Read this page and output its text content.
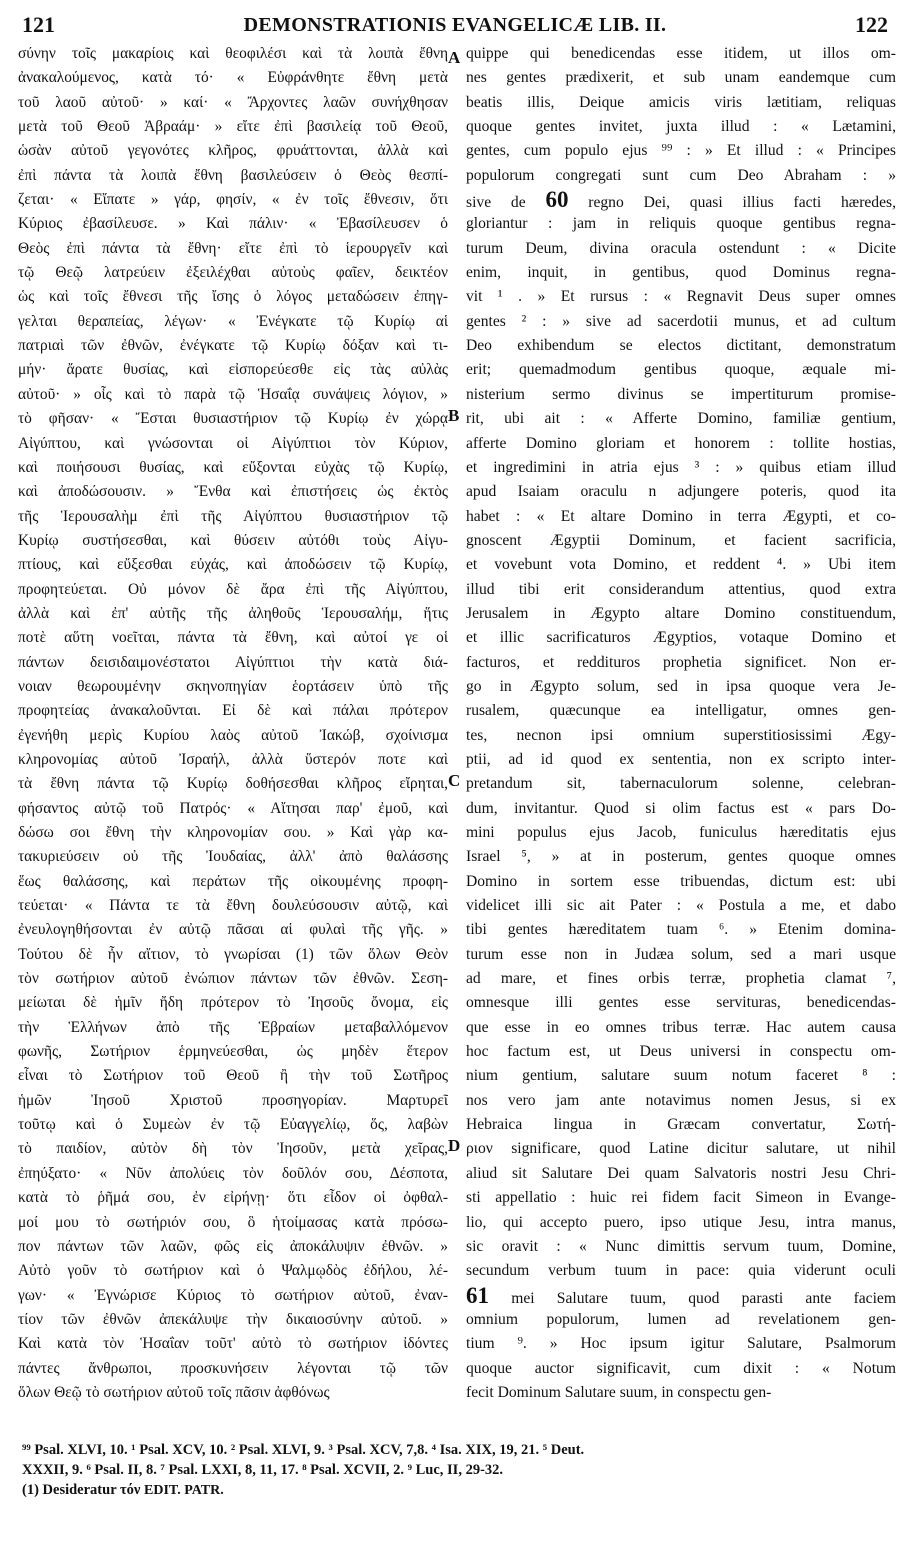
121	DEMONSTRATIONIS EVANGELICÆ LIB. II.	122
σύνην τοῖς μακαρίοις καὶ θεοφιλέσι καὶ τὰ λοιπὰ ἔθνη
ἀνακαλούμενος, κατὰ τό· « Εὐφράνθητε ἔθνη μετὰ
τοῦ λαοῦ αὐτοῦ· » καί· « Ἄρχοντες λαῶν συνήχθησαν
μετὰ τοῦ Θεοῦ Ἀβραάμ· » εἴτε ἐπὶ βασιλείᾳ τοῦ Θεοῦ,
ὡσὰν αὐτοῦ γεγονότες κλῆρος, φρυάττονται, ἀλλὰ καὶ
ἐπὶ πάντα τὰ λοιπὰ ἔθνη βασιλεύσειν ὁ Θεὸς θεσπί-
ζεται· « Εἴπατε » γάρ, φησίν, « ἐν τοῖς ἔθνεσιν, ὅτι
Κύριος ἐβασίλευσε. » Καὶ πάλιν· « Ἐβασίλευσεν ὁ
Θεὸς ἐπὶ πάντα τὰ ἔθνη· εἴτε ἐπὶ τὸ ἱερουργεῖν καὶ
τῷ Θεῷ λατρεύειν ἐξειλέχθαι αὐτοὺς φαῖεν, δεικτέον
ὡς καὶ τοῖς ἔθνεσι τῆς ἴσης ὁ λόγος μεταδώσειν ἐπηγ-
γελται θεραπείας, λέγων· « Ἐνέγκατε τῷ Κυρίῳ αἱ
πατριαὶ τῶν ἐθνῶν, ἐνέγκατε τῷ Κυρίῳ δόξαν καὶ τι-
μήν· ἄρατε θυσίας, καὶ εἰσπορεύεσθε εἰς τὰς αὐλὰς
αὐτοῦ· » οἷς καὶ τὸ παρὰ τῷ Ἡσαΐᾳ συνάψεις λόγιον, »
τὸ φῆσαν· « Ἔσται θυσιαστήριον τῷ Κυρίῳ ἐν χώρᾳ
Αἰγύπτου, καὶ γνώσονται οἱ Αἰγύπτιοι τὸν Κύριον,
καὶ ποιήσουσι θυσίας, καὶ εὔξονται εὐχὰς τῷ Κυρίῳ,
καὶ ἀποδώσουσιν. » Ἔνθα καὶ ἐπιστήσεις ὡς ἐκτὸς
τῆς Ἱερουσαλὴμ ἐπὶ τῆς Αἰγύπτου θυσιαστήριον τῷ
Κυρίῳ συστήσεσθαι, καὶ θύσειν αὐτόθι τοὺς Αἰγυ-
πτίους, καὶ εὔξεσθαι εὐχάς, καὶ ἀποδώσειν τῷ Κυρίῳ,
προφητεύεται. Οὐ μόνον δὲ ἄρα ἐπὶ τῆς Αἰγύπτου,
ἀλλὰ καὶ ἐπ' αὐτῆς τῆς ἀληθοῦς Ἱερουσαλήμ, ἥτις
ποτὲ αὕτη νοεῖται, πάντα τὰ ἔθνη, καὶ αὐτοί γε οἱ
πάντων δεισιδαιμονέστατοι Αἰγύπτιοι τὴν κατὰ διά-
νοιαν θεωρουμένην σκηνοπηγίαν ἑορτάσειν ὑπὸ τῆς
προφητείας ἀνακαλοῦνται. Εἰ δὲ καὶ πάλαι πρότερον
ἐγενήθη μερὶς Κυρίου λαὸς αὐτοῦ Ἰακώβ, σχοίνισμα
κληρονομίας αὐτοῦ Ἰσραήλ, ἀλλὰ ὕστερόν ποτε καὶ
τὰ ἔθνη πάντα τῷ Κυρίῳ δοθήσεσθαι κλῆρος εἴρηται,
φήσαντος αὐτῷ τοῦ Πατρός· « Αἴτησαι παρ' ἐμοῦ, καὶ
δώσω σοι ἔθνη τὴν κληρονομίαν σου. » Καὶ γὰρ κα-
τακυριεύσειν οὐ τῆς Ἰουδαίας, ἀλλ' ἀπὸ θαλάσσης
ἕως θαλάσσης, καὶ περάτων τῆς οἰκουμένης προφη-
τεύεται· « Πάντα τε τὰ ἔθνη δουλεύσουσιν αὐτῷ, καὶ
ἐνευλογηθήσονται ἐν αὐτῷ πᾶσαι αἱ φυλαὶ τῆς γῆς. »
Τούτου δὲ ἦν αἴτιον, τὸ γνωρίσαι (1) τῶν ὅλων Θεὸν
τὸν σωτήριον αὐτοῦ ἐνώπιον πάντων τῶν ἐθνῶν. Σεση-
μείωται δὲ ἡμῖν ἤδη πρότερον τὸ Ἰησοῦς ὄνομα, εἰς
τὴν Ἑλλήνων ἀπὸ τῆς Ἑβραίων μεταβαλλόμενον
φωνῆς, Σωτήριον ἑρμηνεύεσθαι, ὡς μηδὲν ἕτερον
εἶναι τὸ Σωτήριον τοῦ Θεοῦ ἢ τὴν τοῦ Σωτῆρος
ἡμῶν Ἰησοῦ Χριστοῦ προσηγορίαν. Μαρτυρεῖ
τοῦτῳ καὶ ὁ Συμεὼν ἐν τῷ Εὐαγγελίῳ, ὅς, λαβὼν
τὸ παιδίον, αὐτὸν δὴ τὸν Ἰησοῦν, μετὰ χεῖρας,
ἐπηύξατο· « Νῦν ἀπολύεις τὸν δοῦλόν σου, Δέσποτα,
κατὰ τὸ ῥῆμά σου, ἐν εἰρήνῃ· ὅτι εἶδον οἱ ὀφθαλ-
μοί μου τὸ σωτήριόν σου, ὃ ἡτοίμασας κατὰ πρόσω-
πον πάντων τῶν λαῶν, φῶς εἰς ἀποκάλυψιν ἐθνῶν. »
Αὐτὸ γοῦν τὸ σωτήριον καὶ ὁ Ψαλμῳδὸς ἐδήλου, λέ-
γων· « Ἐγνώρισε Κύριος τὸ σωτήριον αὐτοῦ, ἐναν-
τίον τῶν ἐθνῶν ἀπεκάλυψε τὴν δικαιοσύνην αὐτοῦ. »
Καὶ κατὰ τὸν Ἡσαΐαν τοῦτ' αὐτὸ τὸ σωτήριον ἰδόντες
πάντες ἄνθρωποι, προσκυνήσειν λέγονται τῷ τῶν
ὅλων Θεῷ τὸ σωτήριον αὐτοῦ τοῖς πᾶσιν ἀφθόνως
quippe qui benedicendas esse itidem, ut illos om-
nes gentes prædixerit, et sub unam eandemque cum
beatis illis, Deique amicis viris lætitiam, reliquas
quoque gentes invitet, juxta illud : « Lætamini,
gentes, cum populo ejus ⁹⁹ : » Et illud : « Principes
populorum congregati sunt cum Deo Abraham : »
sive de 60 regno Dei, quasi illius facti hæredes,
gloriantur : jam in reliquis quoque gentibus regna-
turum Deum, divina oracula ostendunt : « Dicite
enim, inquit, in gentibus, quod Dominus regna-
vit ¹ . » Et rursus : « Regnavit Deus super omnes
gentes ² : » sive ad sacerdotii munus, et ad cultum
Deo exhibendum se electos dictitant, demonstratum
erit; quemadmodum gentibus quoque, æquale mi-
nisterium sermo divinus se impertiturum promise-
rit, ubi ait : « Afferte Domino, familiæ gentium,
afferte Domino gloriam et honorem : tollite hostias,
et ingredimini in atria ejus ³ : » quibus etiam illud
apud Isaiam oraculu n adjungere poteris, quod ita
habet : « Et altare Domino in terra Ægypti, et co-
gnoscent Ægyptii Dominum, et facient sacrificia,
et vovebunt vota Domino, et reddent ⁴. » Ubi item
illud tibi erit considerandum attentius, quod extra
Jerusalem in Ægypto altare Domino constituendum,
et illic sacrificaturos Ægyptios, votaque Domino et
facturos, et reddituros prophetia significet. Non er-
go in Ægypto solum, sed in ipsa quoque vera Je-
rusalem, quæcunque ea intelligatur, omnes gen-
tes, necnon ipsi omnium superstitiosissimi Ægy-
ptii, ad id quod ex sententia, non ex scripto inter-
pretandum sit, tabernaculorum solenne, celebran-
dum, invitantur. Quod si olim factus est « pars Do-
mini populus ejus Jacob, funiculus hæreditatis ejus
Israel ⁵, » at in posterum, gentes quoque omnes
Domino in sortem esse tribuendas, dictum est: ubi
videlicet illi sic ait Pater : « Postula a me, et dabo
tibi gentes hæreditatem tuam ⁶. » Etenim domina-
turum esse non in Judæa solum, sed a mari usque
ad mare, et fines orbis terræ, prophetia clamat ⁷,
omnesque illi gentes esse servituras, benedicendas-
que esse in eo omnes tribus terræ. Hac autem causa
hoc factum est, ut Deus universi in conspectu om-
nium gentium, salutare suum notum faceret ⁸ :
nos vero jam ante notavimus nomen Jesus, si ex
Hebraica lingua in Græcam convertatur, Σωτή-
ριον significare, quod Latine dicitur salutare, ut nihil
aliud sit Salutare Dei quam Salvatoris nostri Jesu Chri-
sti appellatio : huic rei fidem facit Simeon in Evange-
lio, qui accepto puero, ipso utique Jesu, intra manus,
sic oravit : « Nunc dimittis servum tuum, Domine,
secundum verbum tuum in pace: quia viderunt oculi
61 mei Salutare tuum, quod parasti ante faciem
omnium populorum, lumen ad revelationem gen-
tium ⁹. » Hoc ipsum igitur Salutare, Psalmorum
quoque auctor significavit, cum dixit : « Notum
fecit Dominum Salutare suum, in conspectu gen-
A
B
C
D
⁹⁹ Psal. XLVI, 10. ¹ Psal. XCV, 10. ² Psal. XLVI, 9. ³ Psal. XCV, 7,8. ⁴ Isa. XIX, 19, 21. ⁵ Deut.
XXXII, 9. ⁶ Psal. II, 8. ⁷ Psal. LXXI, 8, 11, 17. ⁸ Psal. XCVII, 2. ⁹ Luc, II, 29-32.
(1) Desideratur τόν EDIT. PATR.
